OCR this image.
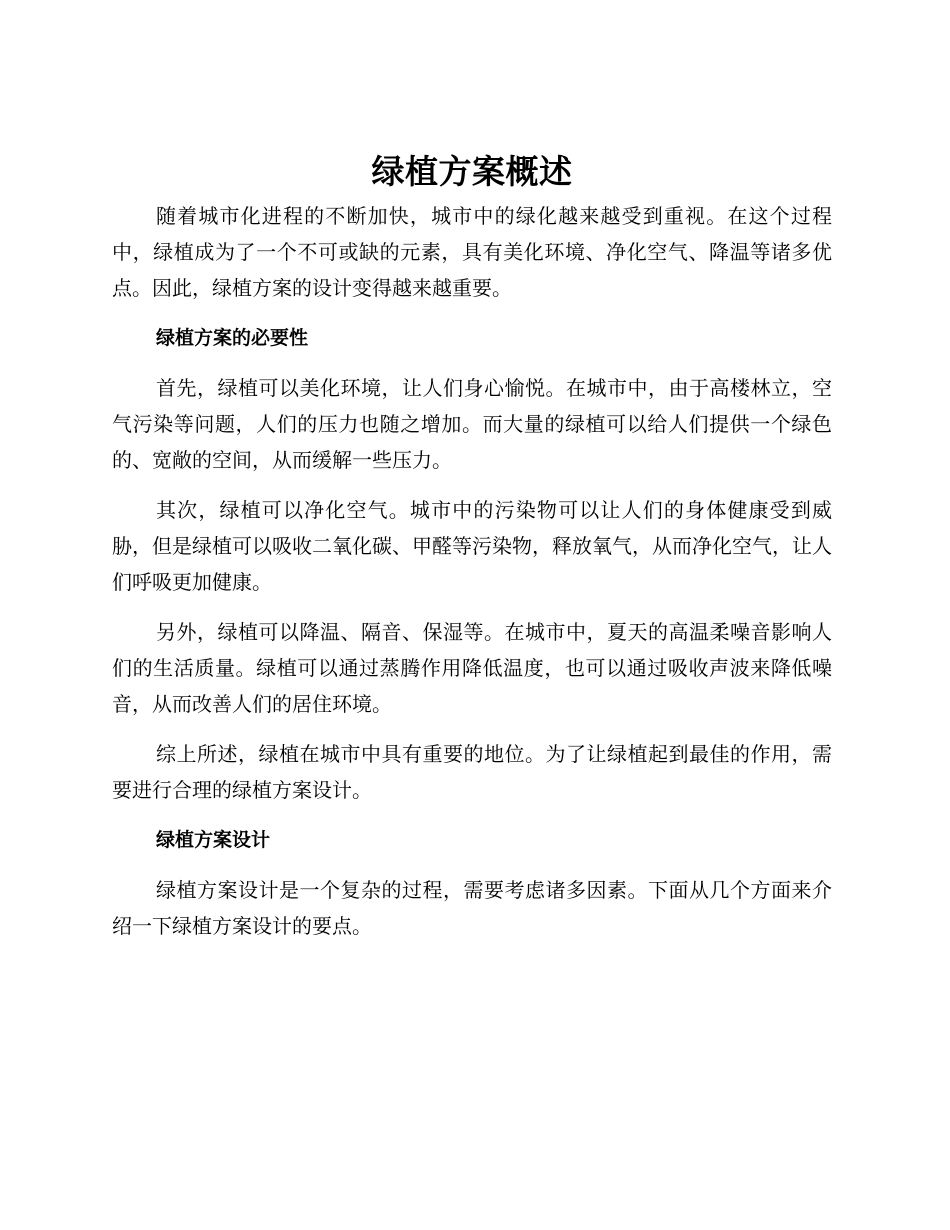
绿植方案概述

随着城市化进程的不断加快，城市中的绿化越来越受到重视。在这个过程中，绿植成为了一个不可或缺的元素，具有美化环境、净化空气、降温等诸多优点。因此，绿植方案的设计变得越来越重要。

绿植方案的必要性

首先，绿植可以美化环境，让人们身心愉悦。在城市中，由于高楼林立，空气污染等问题，人们的压力也随之增加。而大量的绿植可以给人们提供一个绿色的、宽敞的空间，从而缓解一些压力。

其次，绿植可以净化空气。城市中的污染物可以让人们的身体健康受到威胁，但是绿植可以吸收二氧化碳、甲醛等污染物，释放氧气，从而净化空气，让人们呼吸更加健康。

另外，绿植可以降温、隔音、保湿等。在城市中，夏天的高温柔噪音影响人们的生活质量。绿植可以通过蒸腾作用降低温度，也可以通过吸收声波来降低噪音，从而改善人们的居住环境。

综上所述，绿植在城市中具有重要的地位。为了让绿植起到最佳的作用，需要进行合理的绿植方案设计。

绿植方案设计

绿植方案设计是一个复杂的过程，需要考虑诸多因素。下面从几个方面来介绍一下绿植方案设计的要点。
